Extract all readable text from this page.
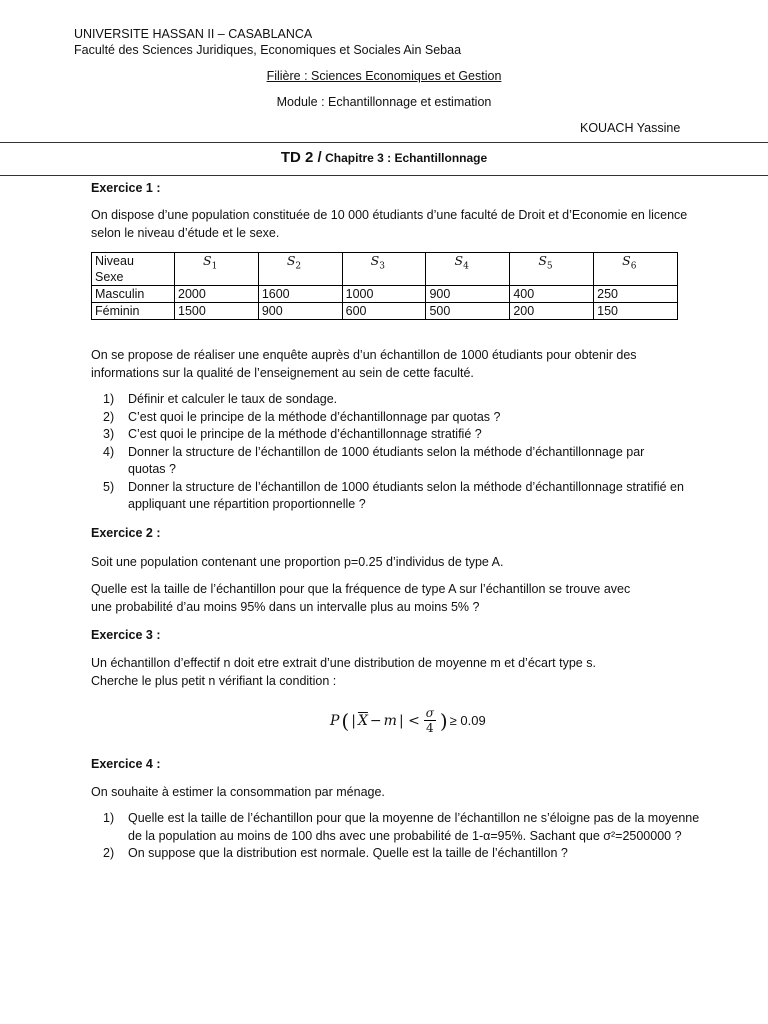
UNIVERSITE HASSAN II – CASABLANCA
Faculté des Sciences Juridiques, Economiques et Sociales Ain Sebaa
Filière : Sciences Economiques et Gestion
Module : Echantillonnage et estimation
KOUACH Yassine
TD 2 / Chapitre 3 : Echantillonnage
Exercice 1 :
On dispose d’une population constituée de 10 000 étudiants d’une faculté de Droit et d’Economie en licence selon le niveau d’étude et le sexe.
Niveau
Sexe	$S_1$	$S_2$	$S_3$	$S_4$	$S_5$	$S_6$
Masculin	2000	1600	1000	900	400	250
Féminin	1500	900	600	500	200	150
On se propose de réaliser une enquête auprès d’un échantillon de 1000 étudiants pour obtenir des informations sur la qualité de l’enseignement au sein de cette faculté.
1) Définir et calculer le taux de sondage.
2) C’est quoi le principe de la méthode d’échantillonnage par quotas ?
3) C’est quoi le principe de la méthode d’échantillonnage stratifié ?
4) Donner la structure de l’échantillon de 1000 étudiants selon la méthode d’échantillonnage par quotas ?
5) Donner la structure de l’échantillon de 1000 étudiants selon la méthode d’échantillonnage stratifié en appliquant une répartition proportionnelle ?
Exercice 2 :
Soit une population contenant une proportion p=0.25 d’individus de type A.
Quelle est la taille de l’échantillon pour que la fréquence de type A sur l’échantillon se trouve avec
une probabilité d’au moins 95% dans un intervalle plus au moins 5% ?
Exercice 3 :
Un échantillon d’effectif n doit etre extrait d’une distribution de moyenne m et d’écart type s.
Cherche le plus petit n vérifiant la condition :
P ( | $\overline{X} - m$ | < $\frac{\sigma}{4}$ ) ≥ 0.09
Exercice 4 :
On souhaite à estimer la consommation par ménage.
1) Quelle est la taille de l’échantillon pour que la moyenne de l’échantillon ne s’éloigne pas de la moyenne de la population au moins de 100 dhs avec une probabilité de 1-α=95%. Sachant que σ²=2500000 ?
2) On suppose que la distribution est normale. Quelle est la taille de l’échantillon ?
